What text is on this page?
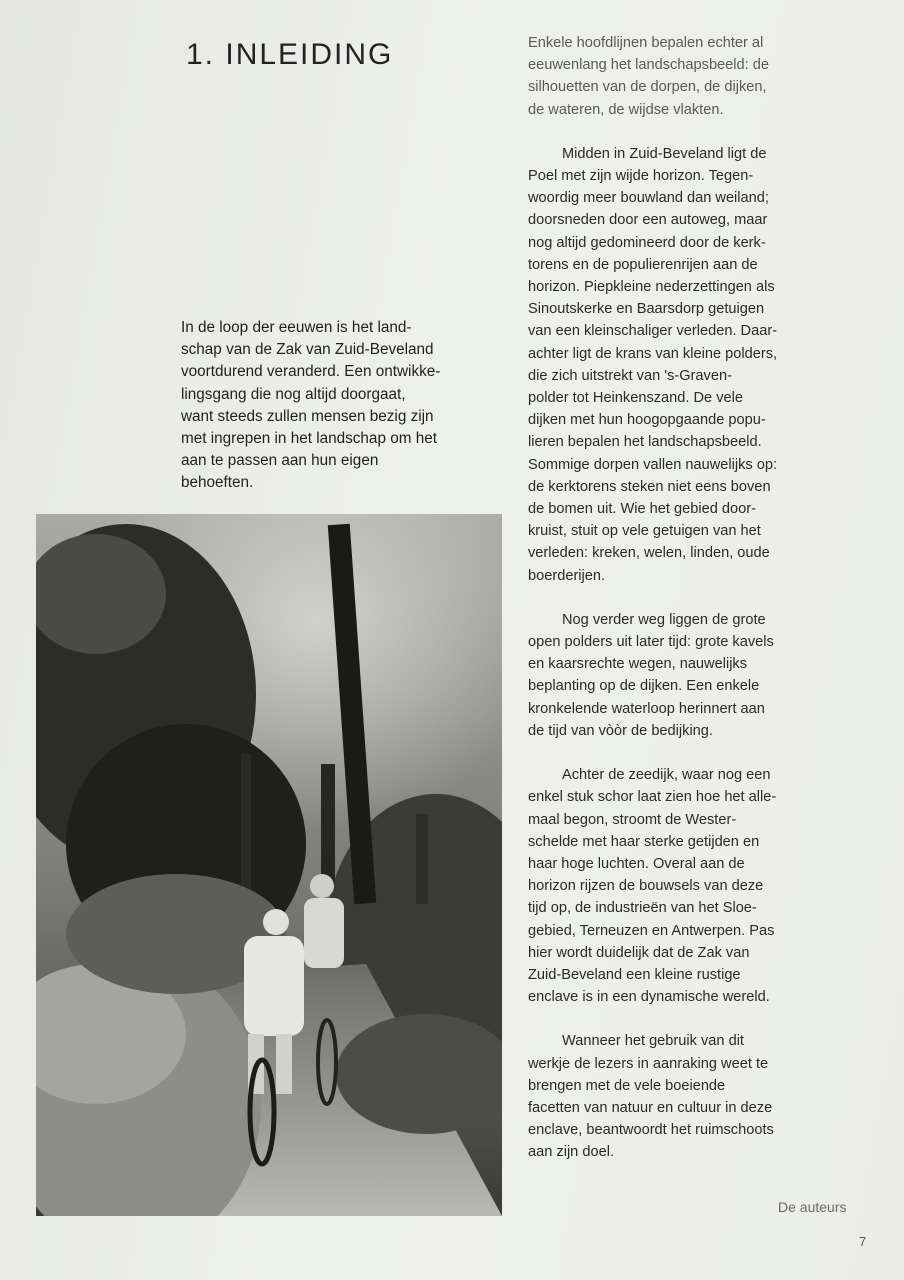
1. INLEIDING

In de loop der eeuwen is het land-
schap van de Zak van Zuid-Beveland
voortdurend veranderd. Een ontwikke-
lingsgang die nog altijd doorgaat,
want steeds zullen mensen bezig zijn
met ingrepen in het landschap om het
aan te passen aan hun eigen
behoeften.

Enkele hoofdlijnen bepalen echter al
eeuwenlang het landschapsbeeld: de
silhouetten van de dorpen, de dijken,
de wateren, de wijdse vlakten.

Midden in Zuid-Beveland ligt de
Poel met zijn wijde horizon. Tegen-
woordig meer bouwland dan weiland;
doorsneden door een autoweg, maar
nog altijd gedomineerd door de kerk-
torens en de populierenrijen aan de
horizon. Piepkleine nederzettingen als
Sinoutskerke en Baarsdorp getuigen
van een kleinschaliger verleden. Daar-
achter ligt de krans van kleine polders,
die zich uitstrekt van 's-Graven-
polder tot Heinkenszand. De vele
dijken met hun hoogopgaande popu-
lieren bepalen het landschapsbeeld.
Sommige dorpen vallen nauwelijks op:
de kerktorens steken niet eens boven
de bomen uit. Wie het gebied door-
kruist, stuit op vele getuigen van het
verleden: kreken, welen, linden, oude
boerderijen.

Nog verder weg liggen de grote
open polders uit later tijd: grote kavels
en kaarsrechte wegen, nauwelijks
beplanting op de dijken. Een enkele
kronkelende waterloop herinnert aan
de tijd van vòòr de bedijking.

Achter de zeedijk, waar nog een
enkel stuk schor laat zien hoe het alle-
maal begon, stroomt de Wester-
schelde met haar sterke getijden en
haar hoge luchten. Overal aan de
horizon rijzen de bouwsels van deze
tijd op, de industrieën van het Sloe-
gebied, Terneuzen en Antwerpen. Pas
hier wordt duidelijk dat de Zak van
Zuid-Beveland een kleine rustige
enclave is in een dynamische wereld.

Wanneer het gebruik van dit
werkje de lezers in aanraking weet te
brengen met de vele boeiende
facetten van natuur en cultuur in deze
enclave, beantwoordt het ruimschoots
aan zijn doel.

De auteurs
7
